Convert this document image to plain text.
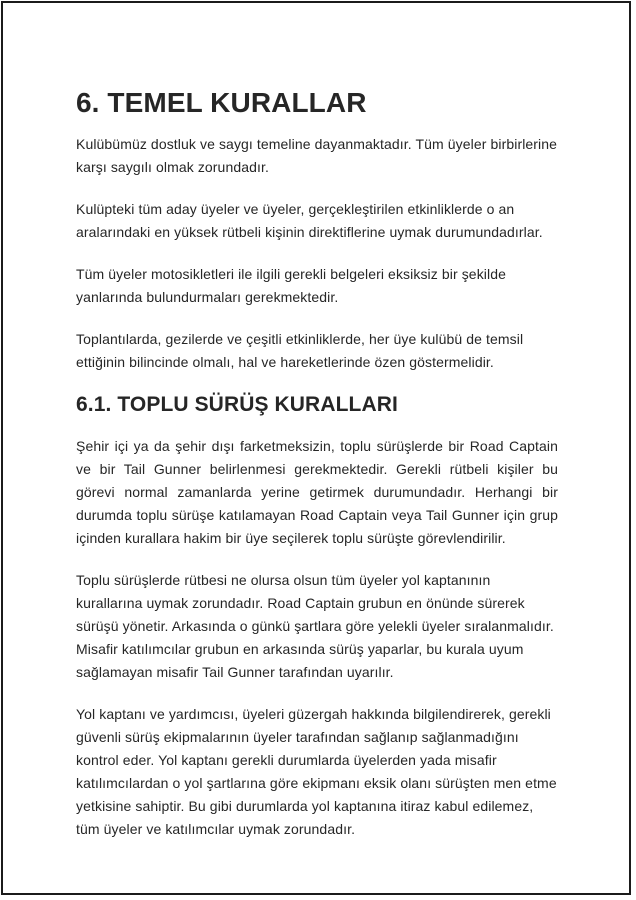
6. TEMEL KURALLAR

Kulübümüz dostluk ve saygı temeline dayanmaktadır. Tüm üyeler birbirlerine karşı saygılı olmak zorundadır.

Kulüpteki tüm aday üyeler ve üyeler, gerçekleştirilen etkinliklerde o an aralarındaki en yüksek rütbeli kişinin direktiflerine uymak durumundadırlar.

Tüm üyeler motosikletleri ile ilgili gerekli belgeleri eksiksiz bir şekilde yanlarında bulundurmaları gerekmektedir.

Toplantılarda, gezilerde ve çeşitli etkinliklerde, her üye kulübü de temsil ettiğinin bilincinde olmalı, hal ve hareketlerinde özen göstermelidir.

6.1. TOPLU SÜRÜŞ KURALLARI

Şehir içi ya da şehir dışı farketmeksizin, toplu sürüşlerde bir Road Captain ve bir Tail Gunner belirlenmesi gerekmektedir. Gerekli rütbeli kişiler bu görevi normal zamanlarda yerine getirmek durumundadır. Herhangi bir durumda toplu sürüşe katılamayan Road Captain veya Tail Gunner için grup içinden kurallara hakim bir üye seçilerek toplu sürüşte görevlendirilir.

Toplu sürüşlerde rütbesi ne olursa olsun tüm üyeler yol kaptanının kurallarına uymak zorundadır. Road Captain grubun en önünde sürerek sürüşü yönetir. Arkasında o günkü şartlara göre yelekli üyeler sıralanmalıdır. Misafir katılımcılar grubun en arkasında sürüş yaparlar, bu kurala uyum sağlamayan misafir Tail Gunner tarafından uyarılır.

Yol kaptanı ve yardımcısı, üyeleri güzergah hakkında bilgilendirerek, gerekli güvenli sürüş ekipmalarının üyeler tarafından sağlanıp sağlanmadığını kontrol eder. Yol kaptanı gerekli durumlarda üyelerden yada misafir katılımcılardan o yol şartlarına göre ekipmanı eksik olanı sürüşten men etme yetkisine sahiptir. Bu gibi durumlarda yol kaptanına itiraz kabul edilemez, tüm üyeler ve katılımcılar uymak zorundadır.
